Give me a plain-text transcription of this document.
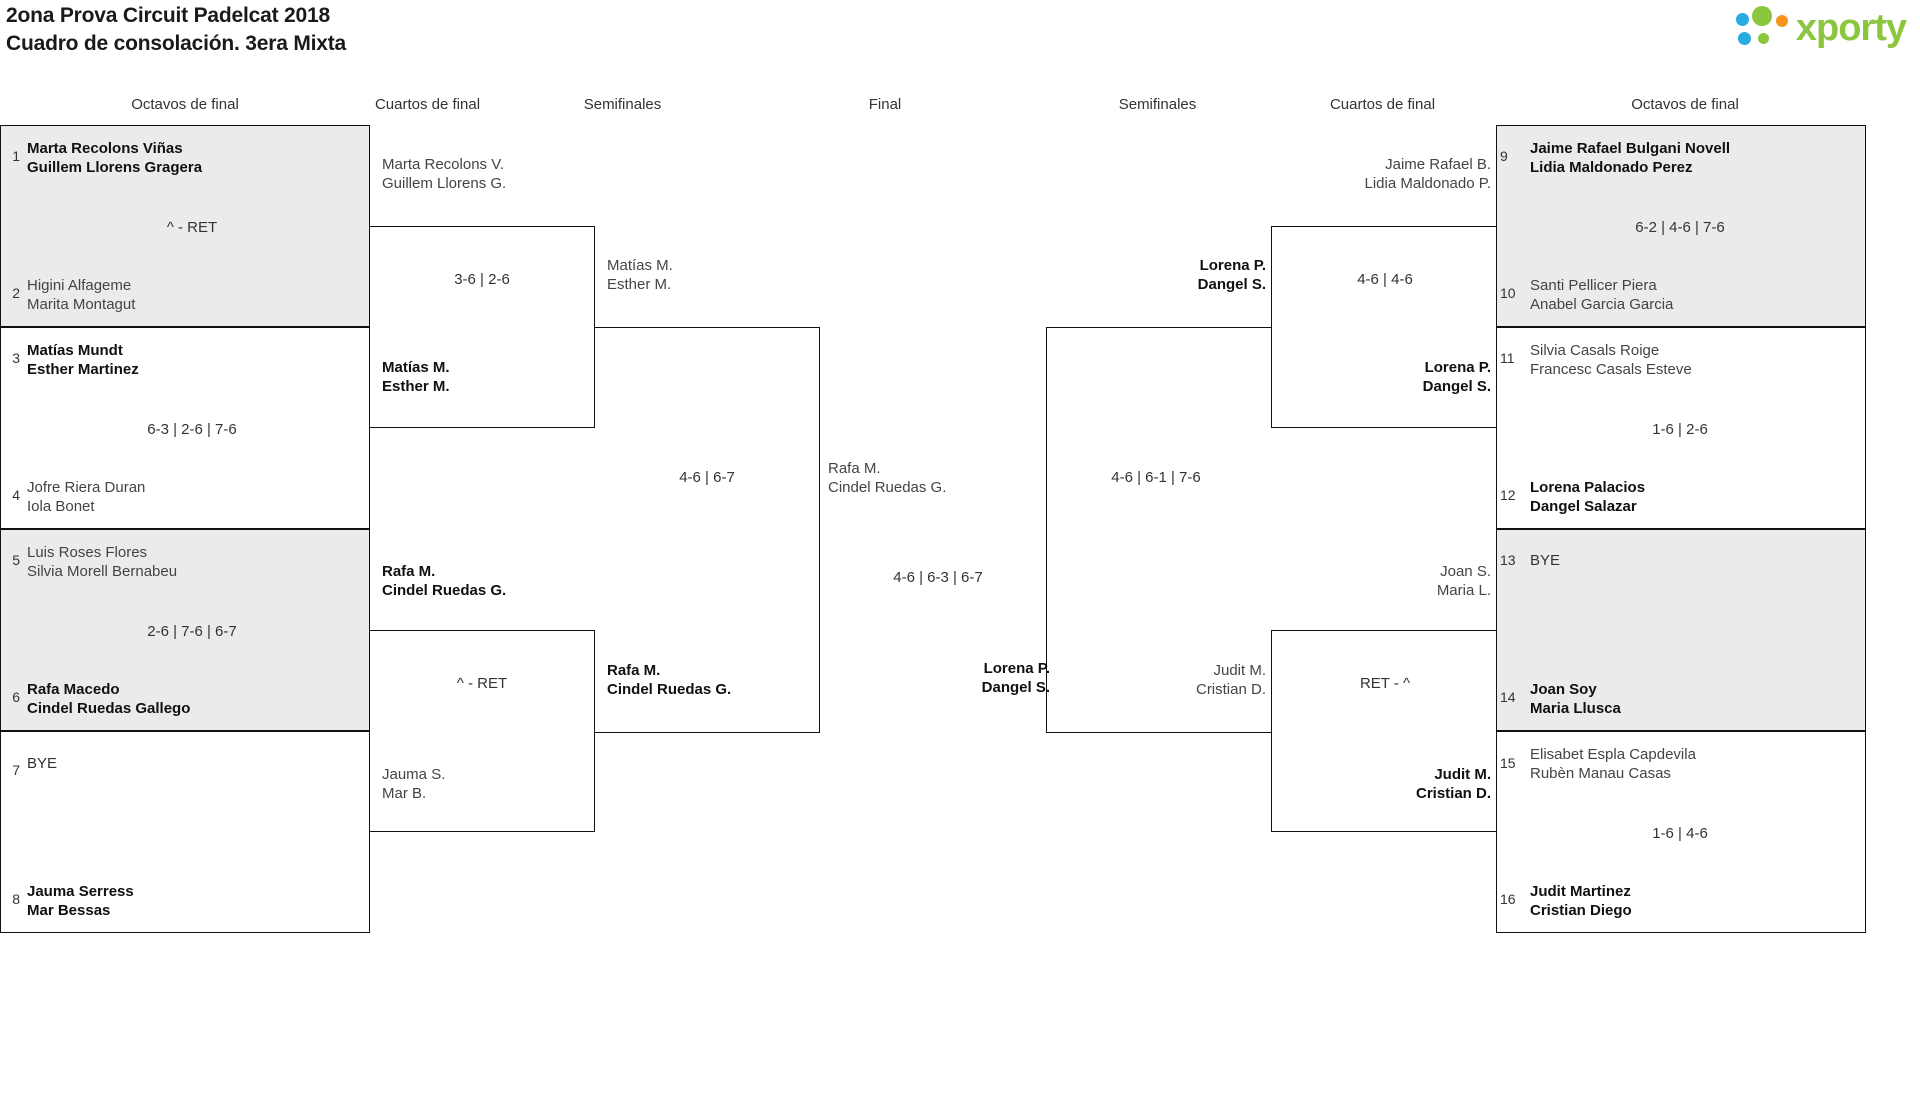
2ona Prova Circuit Padelcat 2018
Cuadro de consolación. 3era Mixta	xporty
Octavos de final	Cuartos de final	Semifinales	Final	Semifinales	Cuartos de final	Octavos de final
1
2
3
4
5
6
7
8
Marta Recolons Viñas
Guillem Llorens Gragera
Higini Alfageme
Marita Montagut
Matías Mundt
Esther Martinez
Jofre Riera Duran
Iola Bonet
Luis Roses Flores
Silvia Morell Bernabeu
Rafa Macedo
Cindel Ruedas Gallego
BYE
Jauma Serress
Mar Bessas
^ - RET
6-3 | 2-6 | 7-6
2-6 | 7-6 | 6-7
Marta Recolons V.
Guillem Llorens G.
Matías M.
Esther M.
Rafa M.
Cindel Ruedas G.
Jauma S.
Mar B.
3-6 | 2-6
^ - RET
Matías M.
Esther M.
Rafa M.
Cindel Ruedas G.
4-6 | 6-7
Rafa M.
Cindel Ruedas G.
4-6 | 6-3 | 6-7
Lorena P.
Dangel S.
Lorena P.
Dangel S.
Judit M.
Cristian D.
4-6 | 6-1 | 7-6
Jaime Rafael B.
Lidia Maldonado P.
Lorena P.
Dangel S.
Joan S.
Maria L.
Judit M.
Cristian D.
4-6 | 4-6
RET - ^
9
10
11
12
13
14
15
16
Jaime Rafael Bulgani Novell
Lidia Maldonado Perez
Santi Pellicer Piera
Anabel Garcia Garcia
Silvia Casals Roige
Francesc Casals Esteve
Lorena Palacios
Dangel Salazar
BYE
Joan Soy
Maria Llusca
Elisabet Espla Capdevila
Rubèn Manau Casas
Judit Martinez
Cristian Diego
6-2 | 4-6 | 7-6
1-6 | 2-6
1-6 | 4-6
